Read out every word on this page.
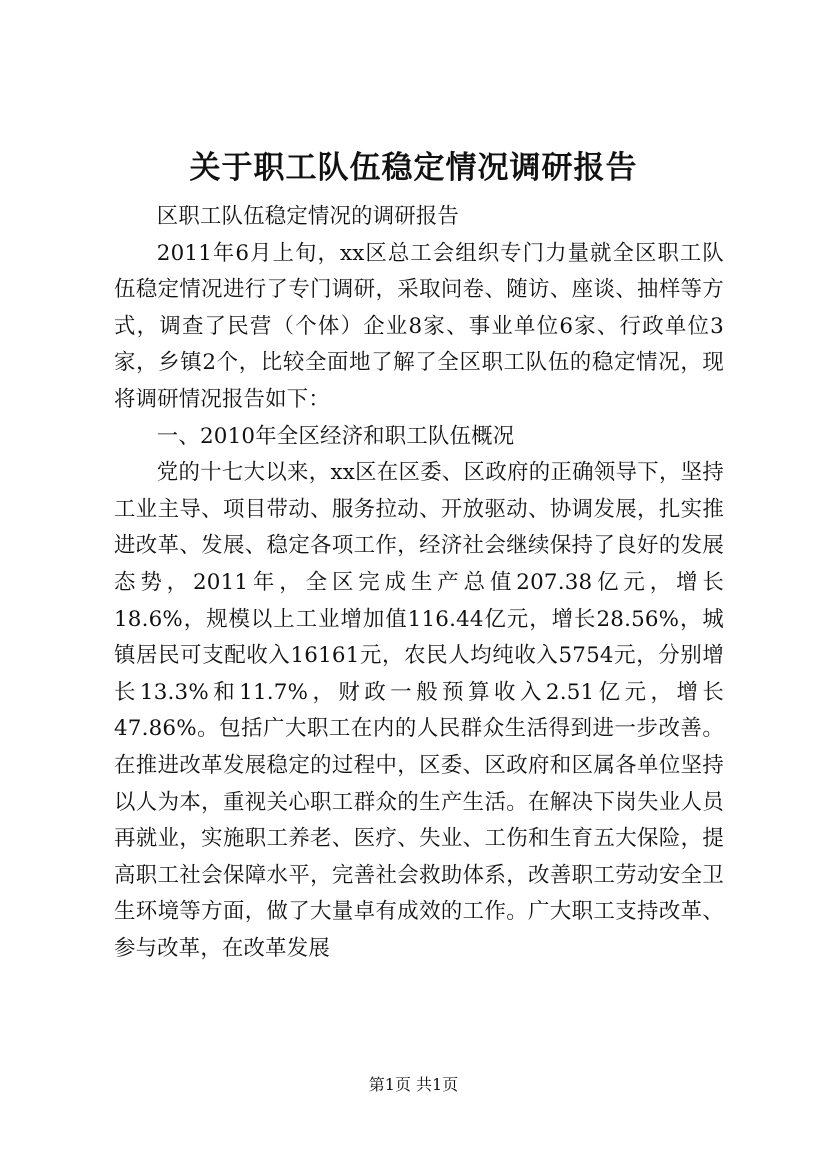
关于职工队伍稳定情况调研报告

区职工队伍稳定情况的调研报告

2011年6月上旬，xx区总工会组织专门力量就全区职工队伍稳定情况进行了专门调研，采取问卷、随访、座谈、抽样等方式，调查了民营（个体）企业8家、事业单位6家、行政单位3家，乡镇2个，比较全面地了解了全区职工队伍的稳定情况，现将调研情况报告如下：

一、2010年全区经济和职工队伍概况

党的十七大以来，xx区在区委、区政府的正确领导下，坚持工业主导、项目带动、服务拉动、开放驱动、协调发展，扎实推进改革、发展、稳定各项工作，经济社会继续保持了良好的发展态势，2011年，全区完成生产总值207.38亿元，增长18.6%，规模以上工业增加值116.44亿元，增长28.56%，城镇居民可支配收入16161元，农民人均纯收入5754元，分别增长13.3%和11.7%，财政一般预算收入2.51亿元，增长47.86%。包括广大职工在内的人民群众生活得到进一步改善。在推进改革发展稳定的过程中，区委、区政府和区属各单位坚持以人为本，重视关心职工群众的生产生活。在解决下岗失业人员再就业，实施职工养老、医疗、失业、工伤和生育五大保险，提高职工社会保障水平，完善社会救助体系，改善职工劳动安全卫生环境等方面，做了大量卓有成效的工作。广大职工支持改革、参与改革，在改革发展

第1页 共1页
